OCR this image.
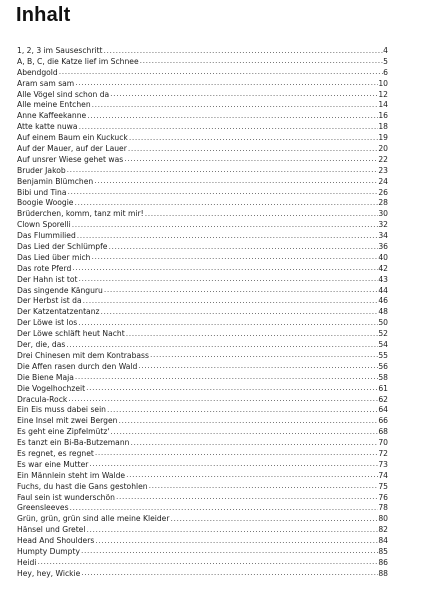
Inhalt
1, 2, 3 im Sauseschritt .....	4
A, B, C, die Katze lief im Schnee .....	5
Abendgold .....	6
Aram sam sam .....	10
Alle Vögel sind schon da .....	12
Alle meine Entchen .....	14
Anne Kaffeekanne .....	16
Atte katte nuwa .....	18
Auf einem Baum ein Kuckuck .....	19
Auf der Mauer, auf der Lauer .....	20
Auf unsrer Wiese gehet was .....	22
Bruder Jakob .....	23
Benjamin Blümchen .....	24
Bibi und Tina .....	26
Boogie Woogie .....	28
Brüderchen, komm, tanz mit mir! .....	30
Clown Sporelli .....	32
Das Flummilied .....	34
Das Lied der Schlümpfe .....	36
Das Lied über mich .....	40
Das rote Pferd .....	42
Der Hahn ist tot .....	43
Das singende Känguru .....	44
Der Herbst ist da .....	46
Der Katzentatzentanz .....	48
Der Löwe ist los .....	50
Der Löwe schläft heut Nacht .....	52
Der, die, das .....	54
Drei Chinesen mit dem Kontrabass .....	55
Die Affen rasen durch den Wald .....	56
Die Biene Maja .....	58
Die Vogelhochzeit .....	61
Dracula-Rock .....	62
Ein Eis muss dabei sein .....	64
Eine Insel mit zwei Bergen .....	66
Es geht eine Zipfelmütz' .....	68
Es tanzt ein Bi-Ba-Butzemann .....	70
Es regnet, es regnet .....	72
Es war eine Mutter .....	73
Ein Männlein steht im Walde .....	74
Fuchs, du hast die Gans gestohlen .....	75
Faul sein ist wunderschön .....	76
Greensleeves .....	78
Grün, grün, grün sind alle meine Kleider .....	80
Hänsel und Gretel .....	82
Head And Shoulders .....	84
Humpty Dumpty .....	85
Heidi .....	86
Hey, hey, Wickie .....	88
